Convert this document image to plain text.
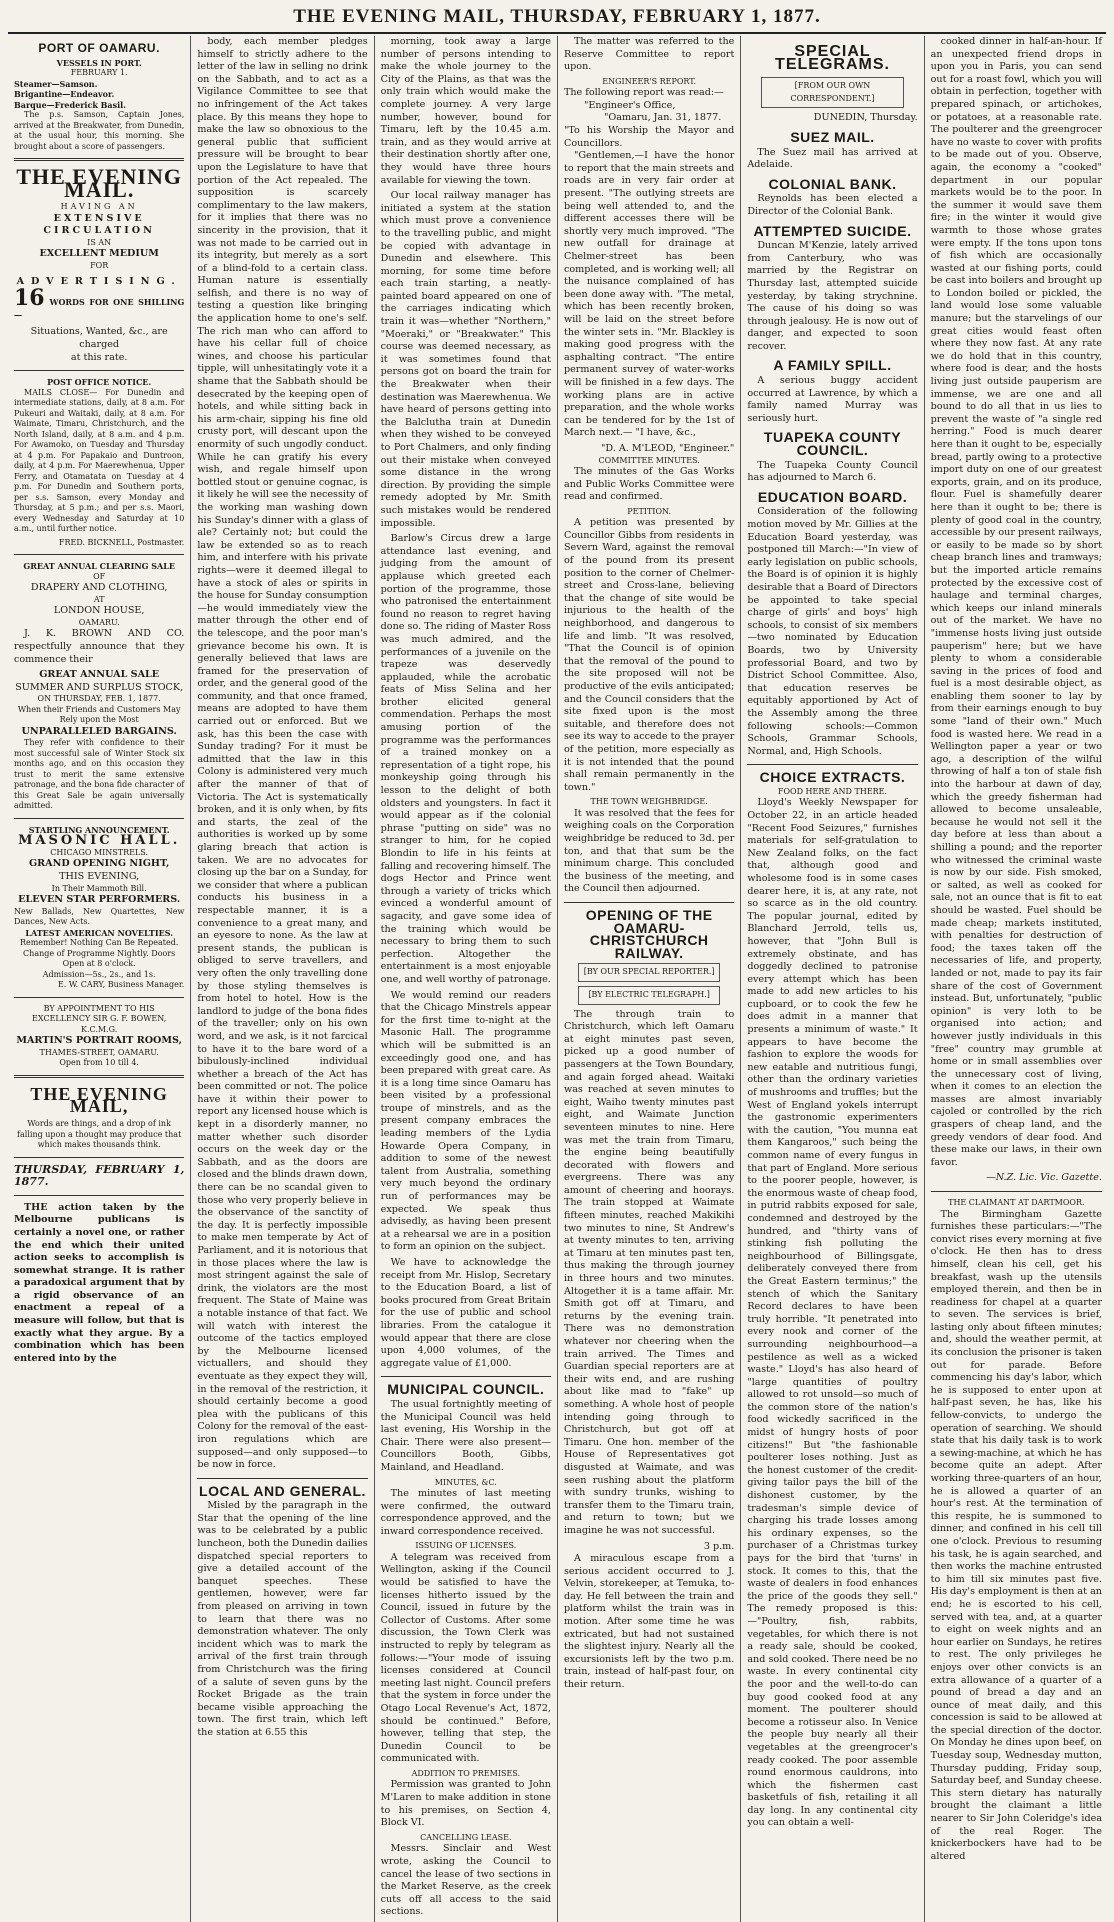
THE EVENING MAIL, THURSDAY, FEBRUARY 1, 1877.
PORT OF OAMARU.
VESSELS IN PORT.
FEBRUARY 1.
Steamer—Samson.
Brigantine—Endeavor.
Barque—Frederick Basil.

The p.s. Samson, Captain Jones, arrived at the Breakwater, from Dunedin, at the usual hour, this morning. She brought about a score of passengers.

THE EVENING MAIL.
HAVING AN
EXTENSIVE CIRCULATION
IS AN
EXCELLENT MEDIUM
FOR
ADVERTISING.
16 WORDS FOR ONE SHILLING—
Situations, Wanted, &c., are charged
at this rate.
POST OFFICE NOTICE.

MAILS CLOSE— For Dunedin and intermediate stations, daily, at 8 a.m. For Pukeuri and Waitaki, daily, at 8 a.m. For Waimate, Timaru, Christchurch, and the North Island, daily, at 8 a.m. and 4 p.m. For Awamoko, on Tuesday and Thursday at 4 p.m. For Papakaio and Duntroon, daily, at 4 p.m. For Maerewhenua, Upper Ferry, and Otamatata on Tuesday at 4 p.m. For Dunedin and Southern ports, per s.s. Samson, every Monday and Thursday, at 5 p.m.; and per s.s. Maori, every Wednesday and Saturday at 10 a.m., until further notice.

FRED. BICKNELL, Postmaster.
GREAT ANNUAL CLEARING SALE
OF
DRAPERY AND CLOTHING,
AT
LONDON HOUSE,
OAMARU.

J. K. BROWN AND CO. respectfully announce that they commence their

GREAT ANNUAL SALE
SUMMER AND SURPLUS STOCK,
ON THURSDAY, FEB. 1, 1877.
When their Friends and Customers May Rely upon the Most
UNPARALLELED BARGAINS.

They refer with confidence to their most successful sale of Winter Stock six months ago, and on this occasion they trust to merit the same extensive patronage, and the bona fide character of this Great Sale be again universally admitted.

STARTLING ANNOUNCEMENT.
MASONIC HALL.
CHICAGO MINSTRELS.
GRAND OPENING NIGHT,
THIS EVENING,
In Their Mammoth Bill.
ELEVEN STAR PERFORMERS.
New Ballads, New Quartettes, New Dances, New Acts.
LATEST AMERICAN NOVELTIES.
Remember! Nothing Can Be Repeated. Change of Programme Nightly. Doors Open at 8 o'clock.
Admission—5s., 2s., and 1s.
E. W. CARY, Business Manager.
BY APPOINTMENT TO HIS EXCELLENCY SIR G. F. BOWEN, K.C.M.G.
MARTIN'S PORTRAIT ROOMS,
THAMES-STREET, OAMARU.
Open from 10 till 4.
THE EVENING MAIL,
Words are things, and a drop of ink falling upon a thought may produce that which makes thousands think.
THURSDAY, FEBRUARY 1, 1877.

THE action taken by the Melbourne publicans is certainly a novel one, or rather the end which their united action seeks to accomplish is somewhat strange. It is rather a paradoxical argument that by a rigid observance of an enactment a repeal of a measure will follow, but that is exactly what they argue. By a combination which has been entered into by the

body, each member pledges himself to strictly adhere to the letter of the law in selling no drink on the Sabbath, and to act as a Vigilance Committee to see that no infringement of the Act takes place. By this means they hope to make the law so obnoxious to the general public that sufficient pressure will be brought to bear upon the Legislature to have that portion of the Act repealed. The supposition is scarcely complimentary to the law makers, for it implies that there was no sincerity in the provision, that it was not made to be carried out in its integrity, but merely as a sort of a blind-fold to a certain class. Human nature is essentially selfish, and there is no way of testing a question like bringing the application home to one's self. The rich man who can afford to have his cellar full of choice wines, and choose his particular tipple, will unhesitatingly vote it a shame that the Sabbath should be desecrated by the keeping open of hotels, and while sitting back in his arm-chair, sipping his fine old crusty port, will descant upon the enormity of such ungodly conduct. While he can gratify his every wish, and regale himself upon bottled stout or genuine cognac, is it likely he will see the necessity of the working man washing down his Sunday's dinner with a glass of ale? Certainly not; but could the law be extended so as to reach him, and interfere with his private rights—were it deemed illegal to have a stock of ales or spirits in the house for Sunday consumption—he would immediately view the matter through the other end of the telescope, and the poor man's grievance become his own. It is generally believed that laws are framed for the preservation of order, and the general good of the community, and that once framed, means are adopted to have them carried out or enforced. But we ask, has this been the case with Sunday trading? For it must be admitted that the law in this Colony is administered very much after the manner of that of Victoria. The Act is systematically broken, and it is only when, by fits and starts, the zeal of the authorities is worked up by some glaring breach that action is taken. We are no advocates for closing up the bar on a Sunday, for we consider that where a publican conducts his business in a respectable manner, it is a convenience to a great many, and an eyesore to none. As the law at present stands, the publican is obliged to serve travellers, and very often the only travelling done by those styling themselves is from hotel to hotel. How is the landlord to judge of the bona fides of the traveller; only on his own word, and we ask, is it not farcical to have it to the bare word of a bibulously-inclined individual whether a breach of the Act has been committed or not. The police have it within their power to report any licensed house which is kept in a disorderly manner, no matter whether such disorder occurs on the week day or the Sabbath, and as the doors are closed and the blinds drawn down, there can be no scandal given to those who very properly believe in the observance of the sanctity of the day. It is perfectly impossible to make men temperate by Act of Parliament, and it is notorious that in those places where the law is most stringent against the sale of drink, the violators are the most frequent. The State of Maine was a notable instance of that fact. We will watch with interest the outcome of the tactics employed by the Melbourne licensed victuallers, and should they eventuate as they expect they will, in the removal of the restriction, it should certainly become a good plea with the publicans of this Colony for the removal of the east-iron regulations which are supposed—and only supposed—to be now in force.

LOCAL AND GENERAL.

Misled by the paragraph in the Star that the opening of the line was to be celebrated by a public luncheon, both the Dunedin dailies dispatched special reporters to give a detailed account of the banquet speeches. These gentlemen, however, were far from pleased on arriving in town to learn that there was no demonstration whatever. The only incident which was to mark the arrival of the first train through from Christchurch was the firing of a salute of seven guns by the Rocket Brigade as the train became visible approaching the town. The first train, which left the station at 6.55 this

morning, took away a large number of persons intending to make the whole journey to the City of the Plains, as that was the only train which would make the complete journey. A very large number, however, bound for Timaru, left by the 10.45 a.m. train, and as they would arrive at their destination shortly after one, they would have three hours available for viewing the town.

Our local railway manager has initiated a system at the station which must prove a convenience to the travelling public, and might be copied with advantage in Dunedin and elsewhere. This morning, for some time before each train starting, a neatly-painted board appeared on one of the carriages indicating which train it was—whether "Northern," "Moeraki," or "Breakwater." This course was deemed necessary, as it was sometimes found that persons got on board the train for the Breakwater when their destination was Maerewhenua. We have heard of persons getting into the Balclutha train at Dunedin when they wished to be conveyed to Port Chalmers, and only finding out their mistake when conveyed some distance in the wrong direction. By providing the simple remedy adopted by Mr. Smith such mistakes would be rendered impossible.

Barlow's Circus drew a large attendance last evening, and judging from the amount of applause which greeted each portion of the programme, those who patronised the entertainment found no reason to regret having done so. The riding of Master Ross was much admired, and the performances of a juvenile on the trapeze was deservedly applauded, while the acrobatic feats of Miss Selina and her brother elicited general commendation. Perhaps the most amusing portion of the programme was the performances of a trained monkey on a representation of a tight rope, his monkeyship going through his lesson to the delight of both oldsters and youngsters. In fact it would appear as if the colonial phrase "putting on side" was no stranger to him, for he copied Blondin to life in his feints at falling and recovering himself. The dogs Hector and Prince went through a variety of tricks which evinced a wonderful amount of sagacity, and gave some idea of the training which would be necessary to bring them to such perfection. Altogether the entertainment is a most enjoyable one, and well worthy of patronage.

We would remind our readers that the Chicago Minstrels appear for the first time to-night at the Masonic Hall. The programme which will be submitted is an exceedingly good one, and has been prepared with great care. As it is a long time since Oamaru has been visited by a professional troupe of minstrels, and as the present company embraces the leading members of the Lydia Howarde Opera Company, in addition to some of the newest talent from Australia, something very much beyond the ordinary run of performances may be expected. We speak thus advisedly, as having been present at a rehearsal we are in a position to form an opinion on the subject.

We have to acknowledge the receipt from Mr. Hislop, Secretary to the Education Board, a list of books procured from Great Britain for the use of public and school libraries. From the catalogue it would appear that there are close upon 4,000 volumes, of the aggregate value of £1,000.

MUNICIPAL COUNCIL.

The usual fortnightly meeting of the Municipal Council was held last evening, His Worship in the Chair. There were also present—Councillors Booth, Gibbs, Mainland, and Headland.

MINUTES, &C.

The minutes of last meeting were confirmed, the outward correspondence approved, and the inward correspondence received.

ISSUING OF LICENSES.

A telegram was received from Wellington, asking if the Council would be satisfied to have the licenses hitherto issued by the Council, issued in future by the Collector of Customs. After some discussion, the Town Clerk was instructed to reply by telegram as follows:—"Your mode of issuing licenses considered at Council meeting last night. Council prefers that the system in force under the Otago Local Revenue's Act, 1872, should be continued." Before, however, telling that step, the Dunedin Council to be communicated with.

ADDITION TO PREMISES.

Permission was granted to John M'Laren to make addition in stone to his premises, on Section 4, Block VI.

CANCELLING LEASE.

Messrs. Sinclair and West wrote, asking the Council to cancel the lease of two sections in the Market Reserve, as the creek cuts off all access to the said sections.

The matter was referred to the Reserve Committee to report upon.

ENGINEER'S REPORT.
The following report was read:—
"Engineer's Office,
"Oamaru, Jan. 31, 1877.
"To his Worship the Mayor and Councillors.

"Gentlemen,—I have the honor to report that the main streets and roads are in very fair order at present. "The outlying streets are being well attended to, and the different accesses there will be shortly very much improved. "The new outfall for drainage at Chelmer-street has been completed, and is working well; all the nuisance complained of has been done away with. "The metal, which has been recently broken, will be laid on the street before the winter sets in. "Mr. Blackley is making good progress with the asphalting contract. "The entire permanent survey of water-works will be finished in a few days. The working plans are in active preparation, and the whole works can be tendered for by the 1st of March next.— "I have, &c.,

"D. A. M'LEOD, "Engineer."
COMMITTEE MINUTES.

The minutes of the Gas Works and Public Works Committee were read and confirmed.

PETITION.

A petition was presented by Councillor Gibbs from residents in Severn Ward, against the removal of the pound from its present position to the corner of Chelmer-street and Cross-lane, believing that the change of site would be injurious to the health of the neighborhood, and dangerous to life and limb. "It was resolved, "That the Council is of opinion that the removal of the pound to the site proposed will not be productive of the evils anticipated; and the Council considers that the site fixed upon is the most suitable, and therefore does not see its way to accede to the prayer of the petition, more especially as it is not intended that the pound shall remain permanently in the town."

THE TOWN WEIGHBRIDGE.

It was resolved that the fees for weighing coals on the Corporation weighbridge be reduced to 3d. per ton, and that that sum be the minimum charge. This concluded the business of the meeting, and the Council then adjourned.

OPENING OF THE OAMARU-CHRISTCHURCH RAILWAY.
[BY OUR SPECIAL REPORTER.]
[BY ELECTRIC TELEGRAPH.]

The through train to Christchurch, which left Oamaru at eight minutes past seven, picked up a good number of passengers at the Town Boundary, and again forged ahead. Waitaki was reached at seven minutes to eight, Waiho twenty minutes past eight, and Waimate Junction seventeen minutes to nine. Here was met the train from Timaru, the engine being beautifully decorated with flowers and evergreens. There was any amount of cheering and hoorays. The train stopped at Waimate fifteen minutes, reached Makikihi two minutes to nine, St Andrew's at twenty minutes to ten, arriving at Timaru at ten minutes past ten, thus making the through journey in three hours and two minutes. Altogether it is a tame affair. Mr. Smith got off at Timaru, and returns by the evening train. There was no demonstration whatever nor cheering when the train arrived. The Times and Guardian special reporters are at their wits end, and are rushing about like mad to "fake" up something. A whole host of people intending going through to Christchurch, but got off at Timaru. One hon. member of the House of Representatives got disgusted at Waimate, and was seen rushing about the platform with sundry trunks, wishing to transfer them to the Timaru train, and return to town; but we imagine he was not successful.

3 p.m.

A miraculous escape from a serious accident occurred to J. Velvin, storekeeper, at Temuka, to-day. He fell between the train and platform whilst the train was in motion. After some time he was extricated, but had not sustained the slightest injury. Nearly all the excursionists left by the two p.m. train, instead of half-past four, on their return.

SPECIAL TELEGRAMS.
[FROM OUR OWN CORRESPONDENT.]
DUNEDIN, Thursday.
SUEZ MAIL.

The Suez mail has arrived at Adelaide.

COLONIAL BANK.

Reynolds has been elected a Director of the Colonial Bank.

ATTEMPTED SUICIDE.

Duncan M'Kenzie, lately arrived from Canterbury, who was married by the Registrar on Thursday last, attempted suicide yesterday, by taking strychnine. The cause of his doing so was through jealousy. He is now out of danger, and expected to soon recover.

A FAMILY SPILL.

A serious buggy accident occurred at Lawrence, by which a family named Murray was seriously hurt.

TUAPEKA COUNTY COUNCIL.

The Tuapeka County Council has adjourned to March 6.

EDUCATION BOARD.

Consideration of the following motion moved by Mr. Gillies at the Education Board yesterday, was postponed till March:—"In view of early legislation on public schools, the Board is of opinion it is highly desirable that a Board of Directors be appointed to take special charge of girls' and boys' high schools, to consist of six members—two nominated by Education Boards, two by University professorial Board, and two by District School Committee. Also, that education reserves be equitably apportioned by Act of the Assembly among the three following schools:—Common Schools, Grammar Schools, Normal, and, High Schools.

CHOICE EXTRACTS.
FOOD HERE AND THERE.

Lloyd's Weekly Newspaper for October 22, in an article headed "Recent Food Seizures," furnishes materials for self-gratulation to New Zealand folks, on the fact that, although good and wholesome food is in some cases dearer here, it is, at any rate, not so scarce as in the old country. The popular journal, edited by Blanchard Jerrold, tells us, however, that "John Bull is extremely obstinate, and has doggedly declined to patronise every attempt which has been made to add new articles to his cupboard, or to cook the few he does admit in a manner that presents a minimum of waste." It appears to have become the fashion to explore the woods for new eatable and nutritious fungi, other than the ordinary varieties of mushrooms and truffles; but the West of England yokels interrupt the gastronomic experimenters with the caution, "You munna eat them Kangaroos," such being the common name of every fungus in that part of England. More serious to the poorer people, however, is the enormous waste of cheap food, in putrid rabbits exposed for sale, condemned and destroyed by the hundred, and "thirty vans of stinking fish polluting the neighbourhood of Billingsgate, deliberately conveyed there from the Great Eastern terminus;" the stench of which the Sanitary Record declares to have been truly horrible. "It penetrated into every nook and corner of the surrounding neighbourhood—a pestilence as well as a wicked waste." Lloyd's has also heard of "large quantities of poultry allowed to rot unsold—so much of the common store of the nation's food wickedly sacrificed in the midst of hungry hosts of poor citizens!" But "the fashionable poulterer loses nothing. Just as the honest customer of the credit-giving tailor pays the bill of the dishonest customer, by the tradesman's simple device of charging his trade losses among his ordinary expenses, so the purchaser of a Christmas turkey pays for the bird that 'turns' in stock. It comes to this, that the waste of dealers in food enhances the price of the goods they sell." The remedy proposed is this:—"Poultry, fish, rabbits, vegetables, for which there is not a ready sale, should be cooked, and sold cooked. There need be no waste. In every continental city the poor and the well-to-do can buy good cooked food at any moment. The poulterer should become a rotisseur also. In Venice the people buy nearly all their vegetables at the greengrocer's ready cooked. The poor assemble round enormous cauldrons, into which the fishermen cast basketfuls of fish, retailing it all day long. In any continental city you can obtain a well-

cooked dinner in half-an-hour. If an unexpected friend drops in upon you in Paris, you can send out for a roast fowl, which you will obtain in perfection, together with prepared spinach, or artichokes, or potatoes, at a reasonable rate. The poulterer and the greengrocer have no waste to cover with profits to be made out of you. Observe, again, the economy a "cooked" department in our popular markets would be to the poor. In the summer it would save them fire; in the winter it would give warmth to those whose grates were empty. If the tons upon tons of fish which are occasionally wasted at our fishing ports, could be cast into boilers and brought up to London boiled or pickled, the land would lose some valuable manure; but the starvelings of our great cities would feast often where they now fast. At any rate we do hold that in this country, where food is dear, and the hosts living just outside pauperism are immense, we are one and all bound to do all that in us lies to prevent the waste of "a single red herring." Food is much dearer here than it ought to be, especially bread, partly owing to a protective import duty on one of our greatest exports, grain, and on its produce, flour. Fuel is shamefully dearer here than it ought to be; there is plenty of good coal in the country, accessible by our present railways, or easily to be made so by short cheap branch lines and tramways; but the imported article remains protected by the excessive cost of haulage and terminal charges, which keeps our inland minerals out of the market. We have no "immense hosts living just outside pauperism" here; but we have plenty to whom a considerable saving in the prices of food and fuel is a most desirable object, as enabling them sooner to lay by from their earnings enough to buy some "land of their own." Much food is wasted here. We read in a Wellington paper a year or two ago, a description of the wilful throwing of half a ton of stale fish into the harbour at dawn of day, which the greedy fisherman had allowed to become unsaleable, because he would not sell it the day before at less than about a shilling a pound; and the reporter who witnessed the criminal waste is now by our side. Fish smoked, or salted, as well as cooked for sale, not an ounce that is fit to eat should be wasted. Fuel should be made cheap; markets instituted, with penalties for destruction of food; the taxes taken off the necessaries of life, and property, landed or not, made to pay its fair share of the cost of Government instead. But, unfortunately, "public opinion" is very loth to be organised into action; and however justly individuals in this "free" country may grumble at home or in small assemblies over the unnecessary cost of living, when it comes to an election the masses are almost invariably cajoled or controlled by the rich graspers of cheap land, and the greedy vendors of dear food. And these make our laws, in their own favor.

—N.Z. Lic. Vic. Gazette.
THE CLAIMANT AT DARTMOOR.

The Birmingham Gazette furnishes these particulars:—"The convict rises every morning at five o'clock. He then has to dress himself, clean his cell, get his breakfast, wash up the utensils employed therein, and then be in readiness for chapel at a quarter to seven. The services is brief, lasting only about fifteen minutes; and, should the weather permit, at its conclusion the prisoner is taken out for parade. Before commencing his day's labor, which he is supposed to enter upon at half-past seven, he has, like his fellow-convicts, to undergo the operation of searching. We should state that his daily task is to work a sewing-machine, at which he has become quite an adept. After working three-quarters of an hour, he is allowed a quarter of an hour's rest. At the termination of this respite, he is summoned to dinner, and confined in his cell till one o'clock. Previous to resuming his task, he is again searched, and then works the machine entrusted to him till six minutes past five. His day's employment is then at an end; he is escorted to his cell, served with tea, and, at a quarter to eight on week nights and an hour earlier on Sundays, he retires to rest. The only privileges he enjoys over other convicts is an extra allowance of a quarter of a pound of bread a day and an ounce of meat daily, and this concession is said to be allowed at the special direction of the doctor. On Monday he dines upon beef, on Tuesday soup, Wednesday mutton, Thursday pudding, Friday soup, Saturday beef, and Sunday cheese. This stern dietary has naturally brought the claimant a little nearer to Sir John Coleridge's idea of the real Roger. The knickerbockers have had to be altered
